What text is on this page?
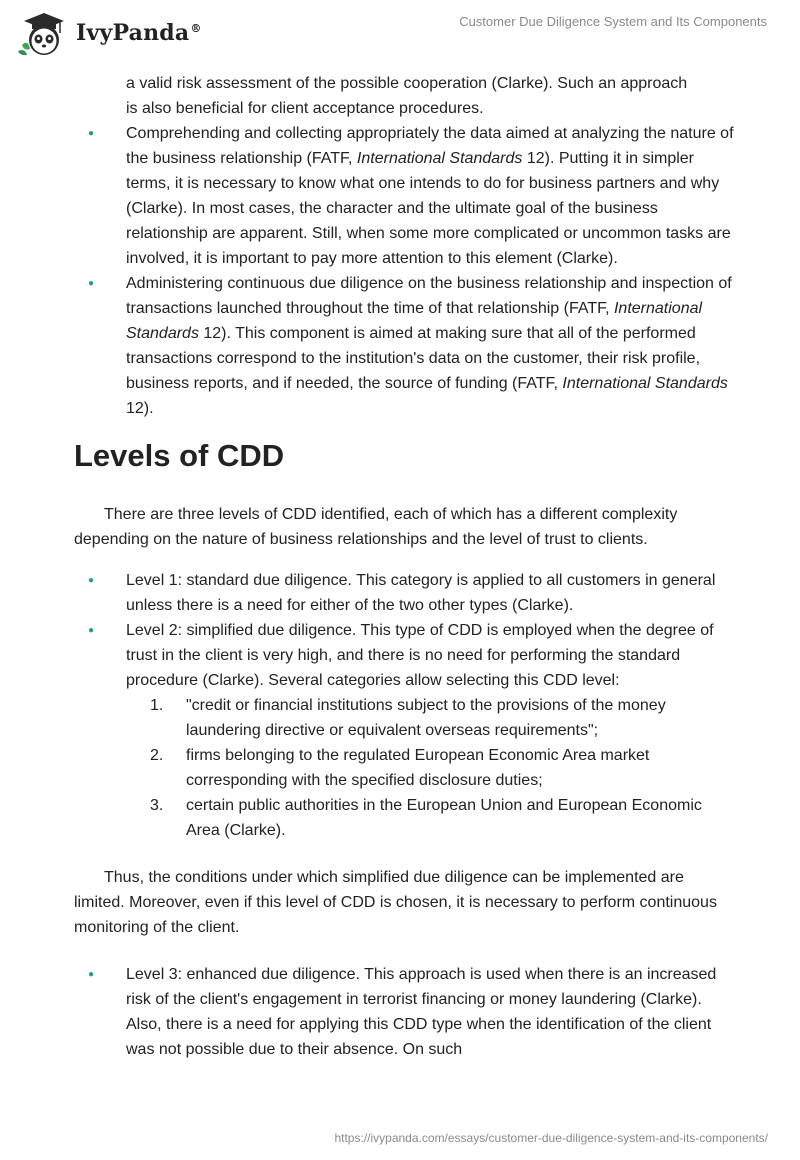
IvyPanda®	Customer Due Diligence System and Its Components

a valid risk assessment of the possible cooperation (Clarke). Such an approach

is also beneficial for client acceptance procedures.

● Comprehending and collecting appropriately the data aimed at analyzing the nature of the business relationship (FATF, International Standards 12). Putting it in simpler terms, it is necessary to know what one intends to do for business partners and why (Clarke). In most cases, the character and the ultimate goal of the business relationship are apparent. Still, when some more complicated or uncommon tasks are involved, it is important to pay more attention to this element (Clarke).
● Administering continuous due diligence on the business relationship and inspection of transactions launched throughout the time of that relationship (FATF, International Standards 12). This component is aimed at making sure that all of the performed transactions correspond to the institution's data on the customer, their risk profile, business reports, and if needed, the source of funding (FATF, International Standards 12).
Levels of CDD

There are three levels of CDD identified, each of which has a different complexity depending on the nature of business relationships and the level of trust to clients.

● Level 1: standard due diligence. This category is applied to all customers in general unless there is a need for either of the two other types (Clarke).
● Level 2: simplified due diligence. This type of CDD is employed when the degree of trust in the client is very high, and there is no need for performing the standard procedure (Clarke). Several categories allow selecting this CDD level:
1. "credit or financial institutions subject to the provisions of the money laundering directive or equivalent overseas requirements";
2. firms belonging to the regulated European Economic Area market corresponding with the specified disclosure duties;
3. certain public authorities in the European Union and European Economic Area (Clarke).

Thus, the conditions under which simplified due diligence can be implemented are limited. Moreover, even if this level of CDD is chosen, it is necessary to perform continuous monitoring of the client.

● Level 3: enhanced due diligence. This approach is used when there is an increased risk of the client's engagement in terrorist financing or money laundering (Clarke). Also, there is a need for applying this CDD type when the identification of the client was not possible due to their absence. On such
https://ivypanda.com/essays/customer-due-diligence-system-and-its-components/
